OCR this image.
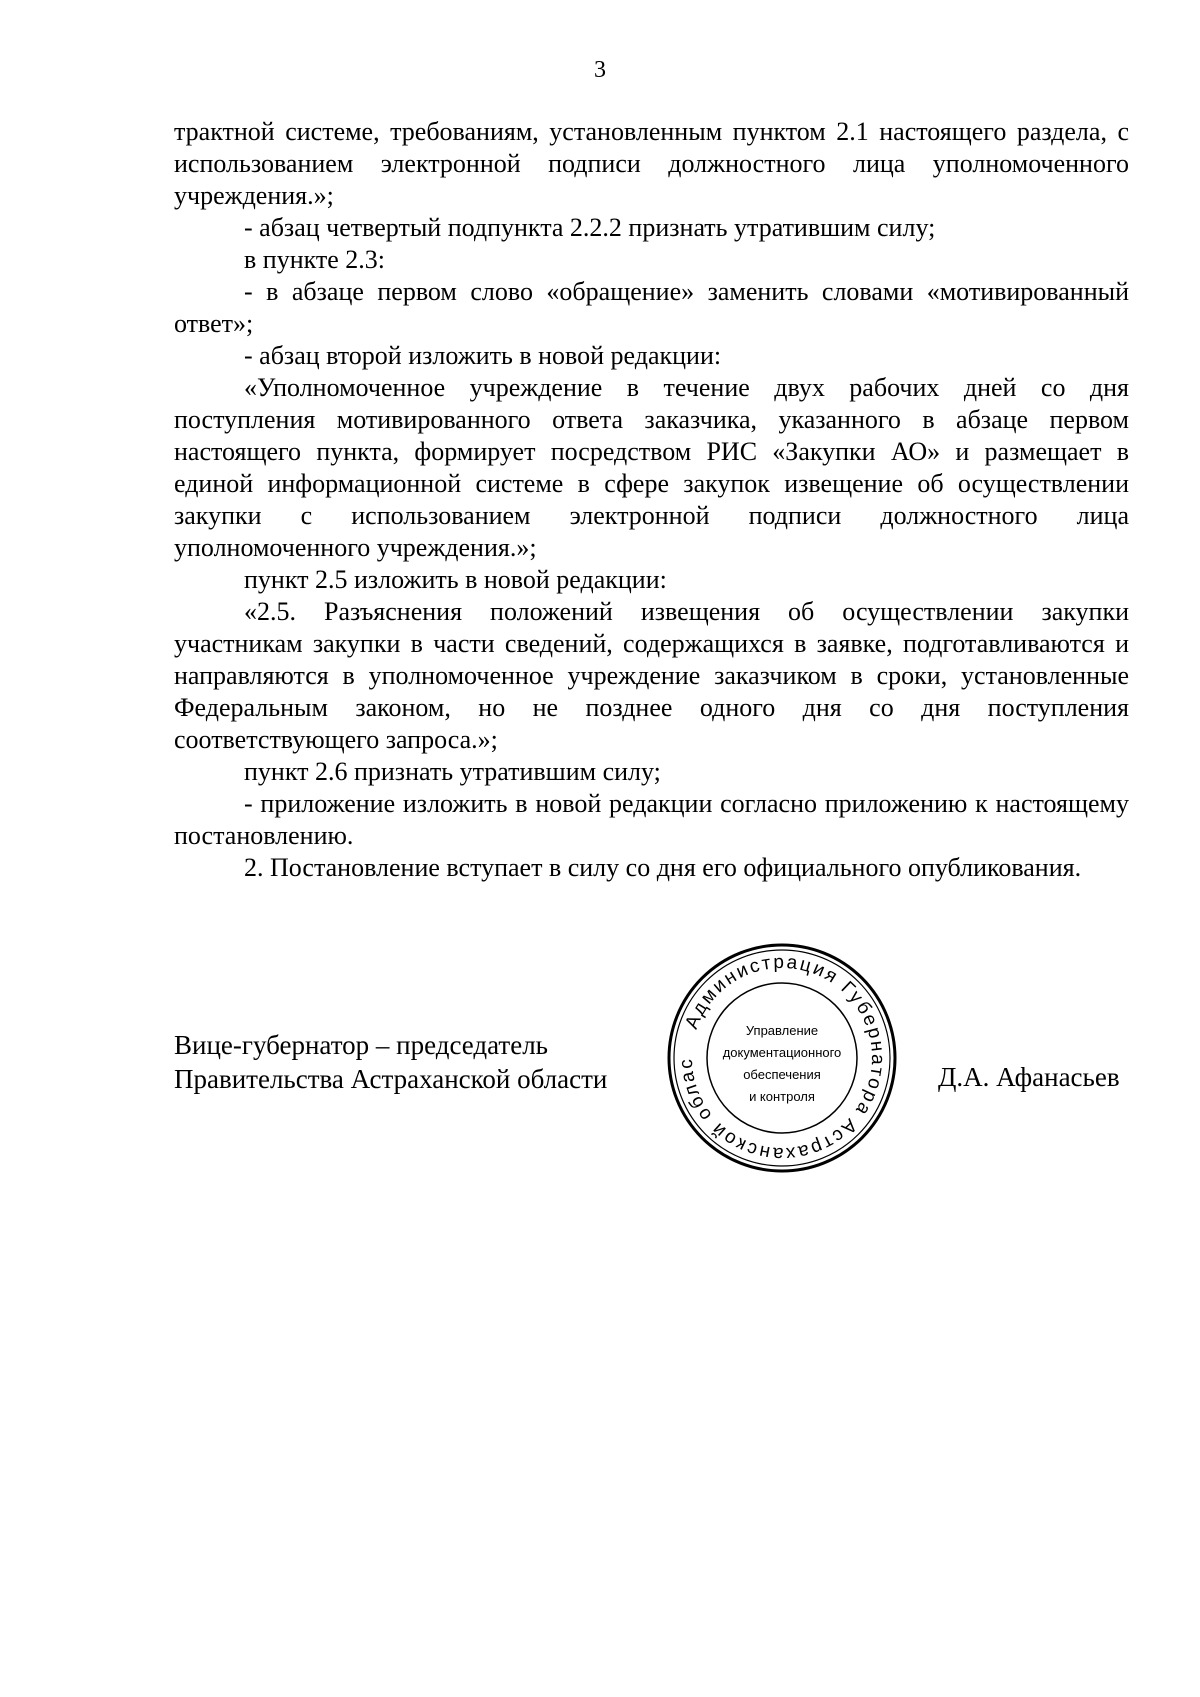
3

трактной системе, требованиям, установленным пунктом 2.1 настоящего раздела, с использованием электронной подписи должностного лица уполномоченного учреждения.»;

- абзац четвертый подпункта 2.2.2 признать утратившим силу;

в пункте 2.3:

- в абзаце первом слово «обращение» заменить словами «мотивированный ответ»;

- абзац второй изложить в новой редакции:

«Уполномоченное учреждение в течение двух рабочих дней со дня поступления мотивированного ответа заказчика, указанного в абзаце первом настоящего пункта, формирует посредством РИС «Закупки АО» и размещает в единой информационной системе в сфере закупок извещение об осуществлении закупки с использованием электронной подписи должностного лица уполномоченного учреждения.»;

пункт 2.5 изложить в новой редакции:

«2.5. Разъяснения положений извещения об осуществлении закупки участникам закупки в части сведений, содержащихся в заявке, подготавливаются и направляются в уполномоченное учреждение заказчиком в сроки, установленные Федеральным законом, но не позднее одного дня со дня поступления соответствующего запроса.»;

пункт 2.6 признать утратившим силу;

- приложение изложить в новой редакции согласно приложению к настоящему постановлению.

2. Постановление вступает в силу со дня его официального опубликования.

Вице-губернатор – председатель
Правительства Астраханской области
Администрация Губернатора Астраханской облас
Управление
документационного
обеспечения
и контроля
Д.А. Афанасьев
